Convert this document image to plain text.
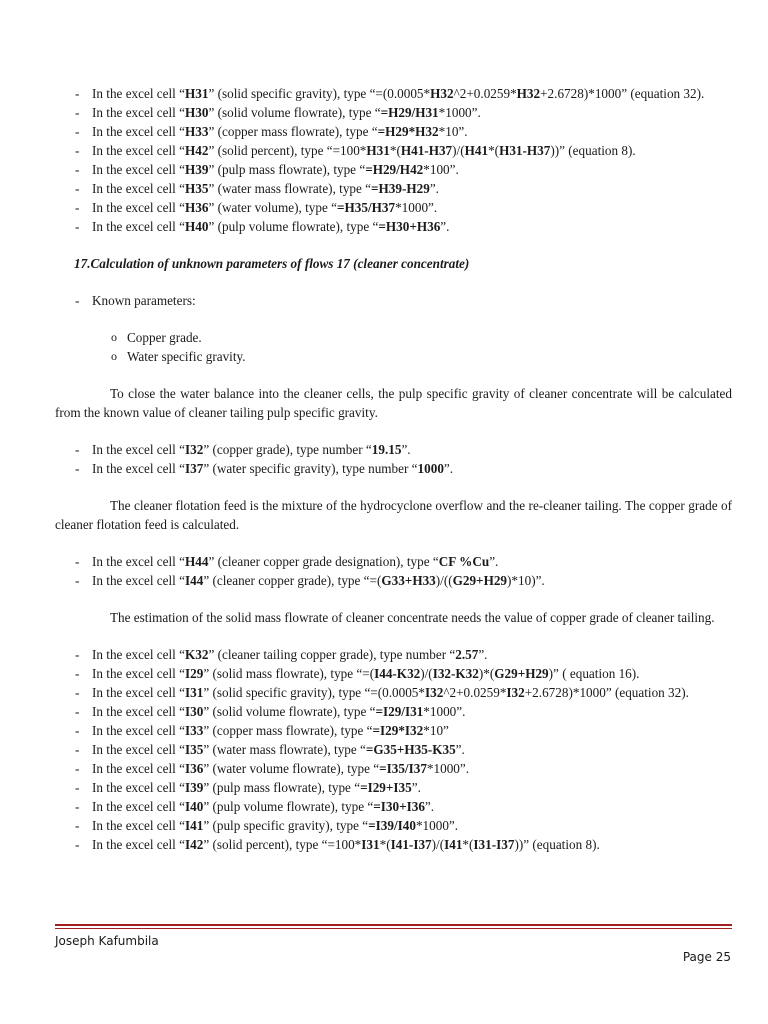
- In the excel cell “H31” (solid specific gravity), type “=(0.0005*H32^2+0.0259*H32+2.6728)*1000” (equation 32).
- In the excel cell “H30” (solid volume flowrate), type “=H29/H31*1000”.
- In the excel cell “H33” (copper mass flowrate), type “=H29*H32*10”.
- In the excel cell “H42” (solid percent), type “=100*H31*(H41-H37)/(H41*(H31-H37))” (equation 8).
- In the excel cell “H39” (pulp mass flowrate), type “=H29/H42*100”.
- In the excel cell “H35” (water mass flowrate), type “=H39-H29”.
- In the excel cell “H36” (water volume), type “=H35/H37*1000”.
- In the excel cell “H40” (pulp volume flowrate), type “=H30+H36”.
17.Calculation of unknown parameters of flows 17 (cleaner concentrate)
- Known parameters:
o Copper grade.
o Water specific gravity.
To close the water balance into the cleaner cells, the pulp specific gravity of cleaner concentrate will be calculated from the known value of cleaner tailing pulp specific gravity.
- In the excel cell “I32” (copper grade), type number “19.15”.
- In the excel cell “I37” (water specific gravity), type number “1000”.
The cleaner flotation feed is the mixture of the hydrocyclone overflow and the re-cleaner tailing. The copper grade of cleaner flotation feed is calculated.
- In the excel cell “H44” (cleaner copper grade designation), type “CF %Cu”.
- In the excel cell “I44” (cleaner copper grade), type “=(G33+H33)/((G29+H29)*10)”.
The estimation of the solid mass flowrate of cleaner concentrate needs the value of copper grade of cleaner tailing.
- In the excel cell “K32” (cleaner tailing copper grade), type number “2.57”.
- In the excel cell “I29” (solid mass flowrate), type “=(I44-K32)/(I32-K32)*(G29+H29)” ( equation 16).
- In the excel cell “I31” (solid specific gravity), type “=(0.0005*I32^2+0.0259*I32+2.6728)*1000” (equation 32).
- In the excel cell “I30” (solid volume flowrate), type “=I29/I31*1000”.
- In the excel cell “I33” (copper mass flowrate), type “=I29*I32*10”
- In the excel cell “I35” (water mass flowrate), type “=G35+H35-K35”.
- In the excel cell “I36” (water volume flowrate), type “=I35/I37*1000”.
- In the excel cell “I39” (pulp mass flowrate), type “=I29+I35”.
- In the excel cell “I40” (pulp volume flowrate), type “=I30+I36”.
- In the excel cell “I41” (pulp specific gravity), type “=I39/I40*1000”.
- In the excel cell “I42” (solid percent), type “=100*I31*(I41-I37)/(I41*(I31-I37))” (equation 8).
Joseph Kafumbila
Page 25
